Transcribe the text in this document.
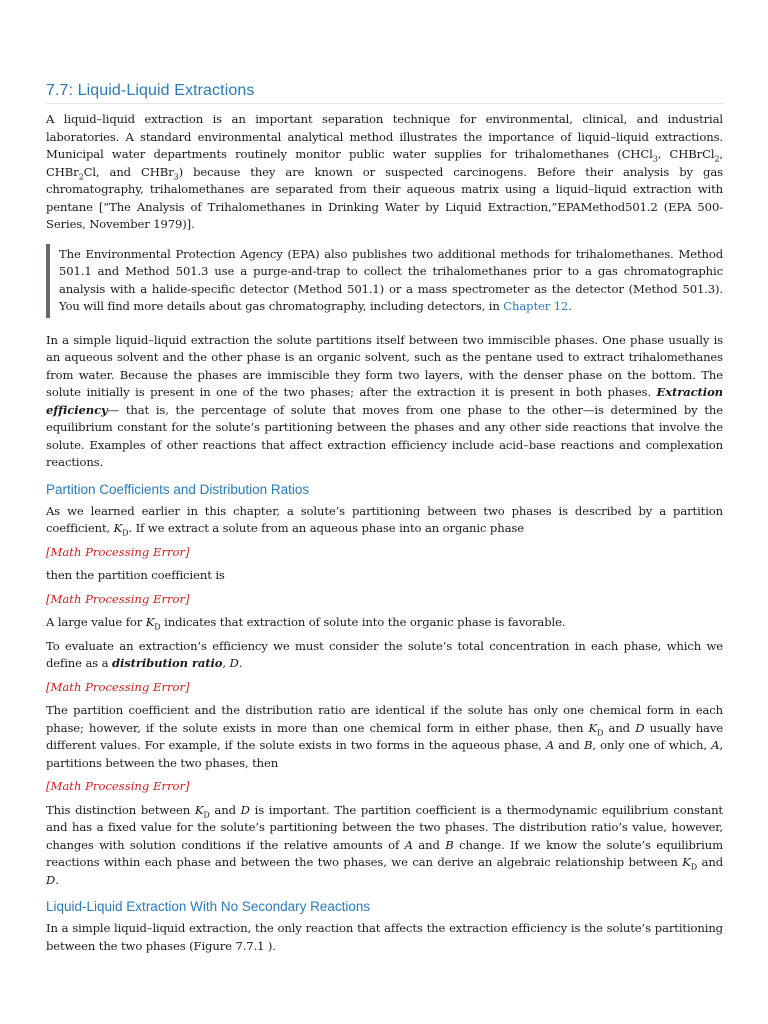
7.7: Liquid-Liquid Extractions

A liquid–liquid extraction is an important separation technique for environmental, clinical, and industrial laboratories. A standard environmental analytical method illustrates the importance of liquid–liquid extractions. Municipal water departments routinely monitor public water supplies for trihalomethanes (CHCl$_3$, CHBrCl$_2$, CHBr$_2$Cl, and CHBr$_3$) because they are known or suspected carcinogens. Before their analysis by gas chromatography, trihalomethanes are separated from their aqueous matrix using a liquid–liquid extraction with pentane [“The Analysis of Trihalomethanes in Drinking Water by Liquid Extraction,”EPAMethod501.2 (EPA 500-Series, November 1979)].

The Environmental Protection Agency (EPA) also publishes two additional methods for trihalomethanes. Method 501.1 and Method 501.3 use a purge-and-trap to collect the trihalomethanes prior to a gas chromatographic analysis with a halide-specific detector (Method 501.1) or a mass spectrometer as the detector (Method 501.3). You will find more details about gas chromatography, including detectors, in Chapter 12.

In a simple liquid–liquid extraction the solute partitions itself between two immiscible phases. One phase usually is an aqueous solvent and the other phase is an organic solvent, such as the pentane used to extract trihalomethanes from water. Because the phases are immiscible they form two layers, with the denser phase on the bottom. The solute initially is present in one of the two phases; after the extraction it is present in both phases. Extraction efficiency— that is, the percentage of solute that moves from one phase to the other—is determined by the equilibrium constant for the solute’s partitioning between the phases and any other side reactions that involve the solute. Examples of other reactions that affect extraction efficiency include acid–base reactions and complexation reactions.

Partition Coefficients and Distribution Ratios

As we learned earlier in this chapter, a solute’s partitioning between two phases is described by a partition coefficient, $K_D$. If we extract a solute from an aqueous phase into an organic phase

[Math Processing Error]

then the partition coefficient is

[Math Processing Error]

A large value for $K_D$ indicates that extraction of solute into the organic phase is favorable.

To evaluate an extraction’s efficiency we must consider the solute’s total concentration in each phase, which we define as a distribution ratio, D.

[Math Processing Error]

The partition coefficient and the distribution ratio are identical if the solute has only one chemical form in each phase; however, if the solute exists in more than one chemical form in either phase, then $K_D$ and D usually have different values. For example, if the solute exists in two forms in the aqueous phase, A and B, only one of which, A, partitions between the two phases, then

[Math Processing Error]

This distinction between $K_D$ and D is important. The partition coefficient is a thermodynamic equilibrium constant and has a fixed value for the solute’s partitioning between the two phases. The distribution ratio’s value, however, changes with solution conditions if the relative amounts of A and B change. If we know the solute’s equilibrium reactions within each phase and between the two phases, we can derive an algebraic relationship between $K_D$ and D.

Liquid-Liquid Extraction With No Secondary Reactions

In a simple liquid–liquid extraction, the only reaction that affects the extraction efficiency is the solute’s partitioning between the two phases (Figure 7.7.1 ).
